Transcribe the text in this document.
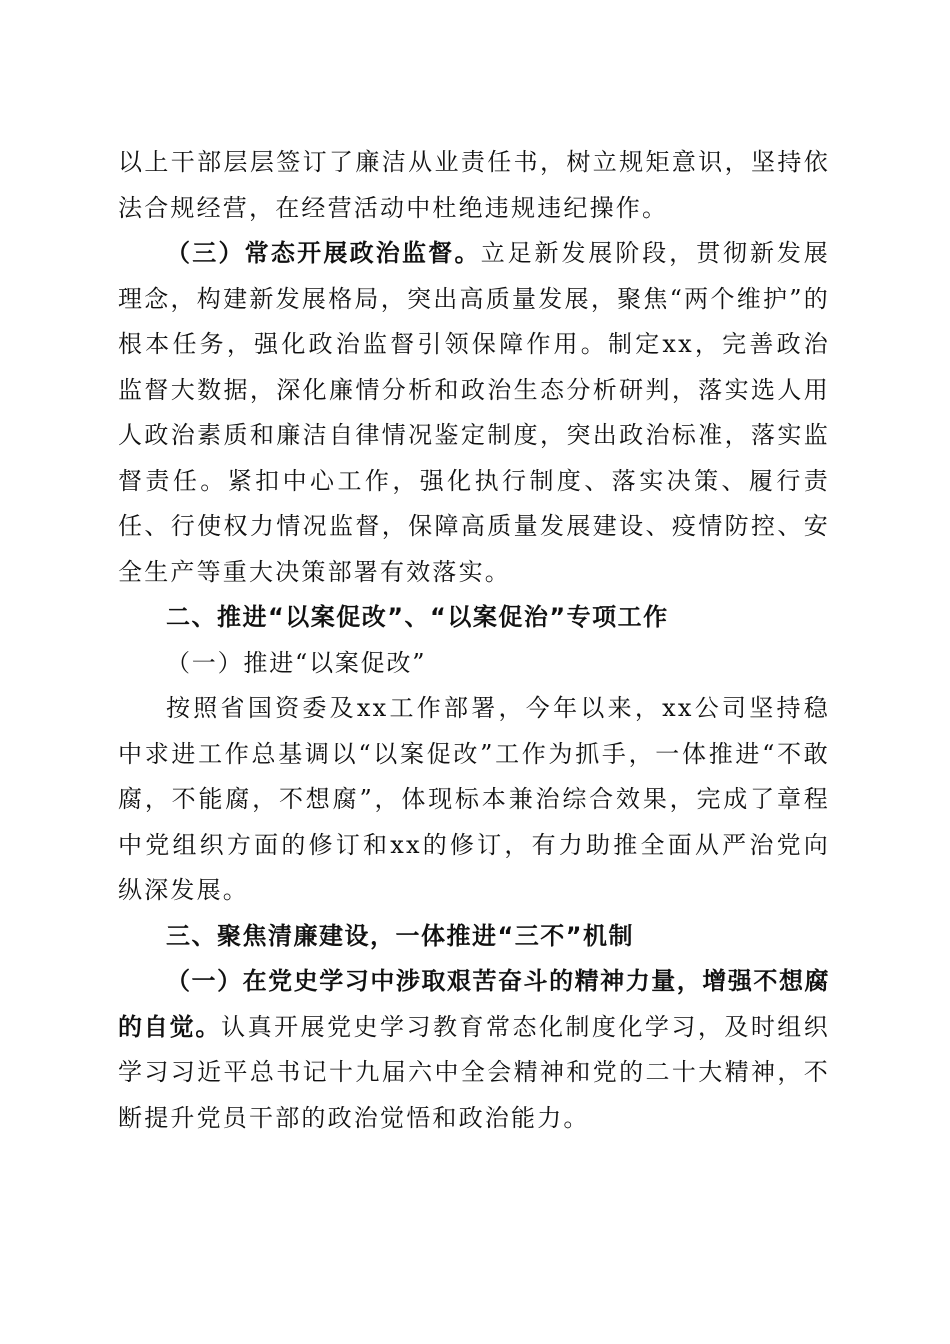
以上干部层层签订了廉洁从业责任书，树立规矩意识，坚持依法合规经营，在经营活动中杜绝违规违纪操作。

（三）常态开展政治监督。立足新发展阶段，贯彻新发展理念，构建新发展格局，突出高质量发展，聚焦“两个维护”的根本任务，强化政治监督引领保障作用。制定xx，完善政治监督大数据，深化廉情分析和政治生态分析研判，落实选人用人政治素质和廉洁自律情况鉴定制度，突出政治标准，落实监督责任。紧扣中心工作，强化执行制度、落实决策、履行责任、行使权力情况监督，保障高质量发展建设、疫情防控、安全生产等重大决策部署有效落实。

二、推进“以案促改”、“以案促治”专项工作

（一）推进“以案促改”

按照省国资委及xx工作部署，今年以来，xx公司坚持稳中求进工作总基调以“以案促改”工作为抓手，一体推进“不敢腐，不能腐，不想腐”，体现标本兼治综合效果，完成了章程中党组织方面的修订和xx的修订，有力助推全面从严治党向纵深发展。

三、聚焦清廉建设，一体推进“三不”机制

（一）在党史学习中涉取艰苦奋斗的精神力量，增强不想腐的自觉。认真开展党史学习教育常态化制度化学习，及时组织学习习近平总书记十九届六中全会精神和党的二十大精神，不断提升党员干部的政治觉悟和政治能力。
